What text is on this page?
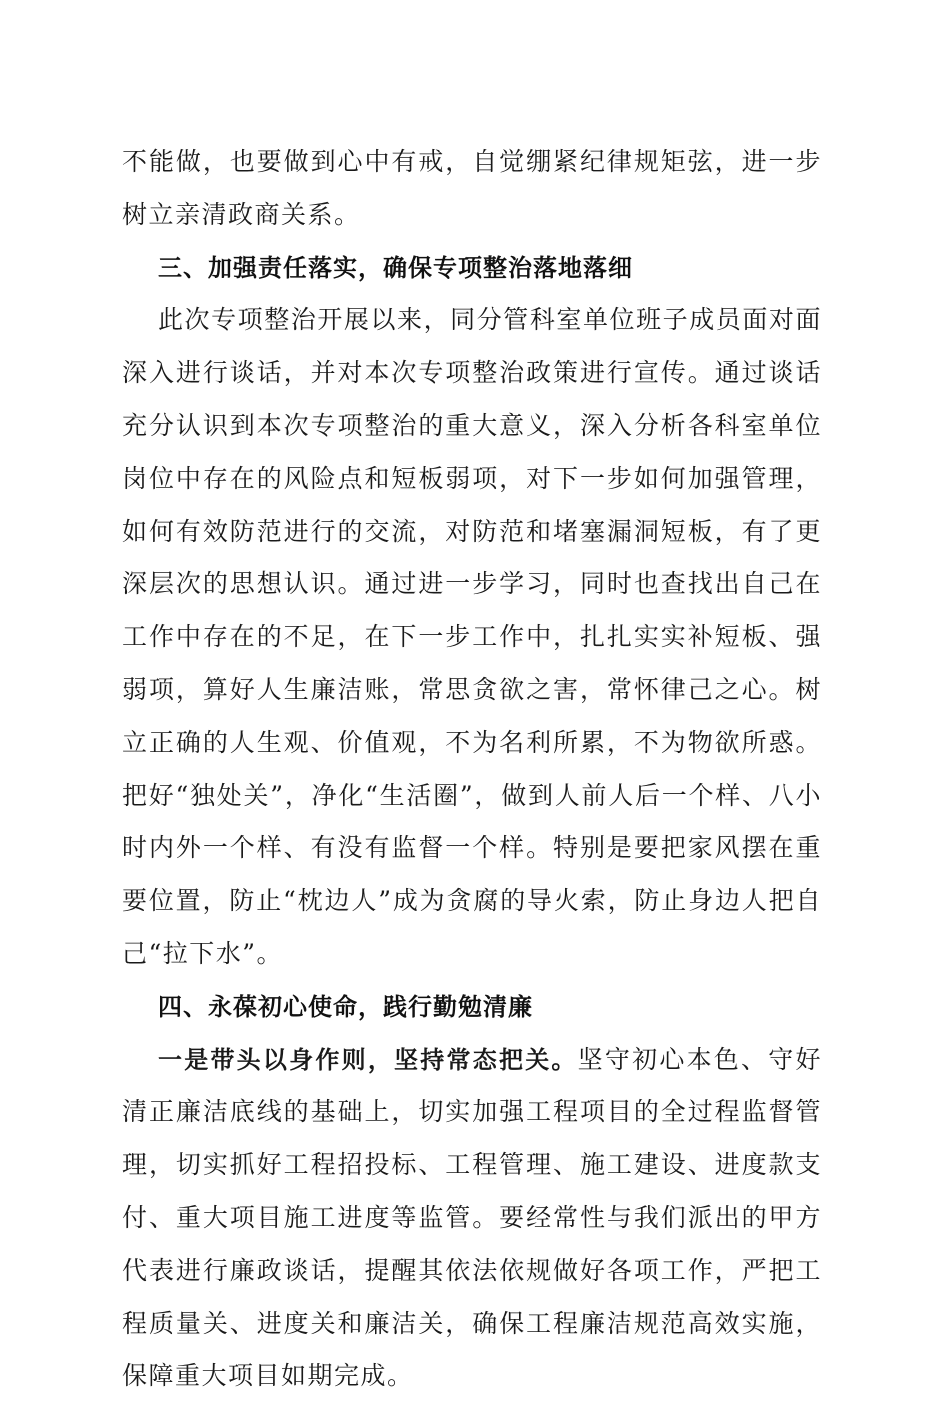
不能做，也要做到心中有戒，自觉绷紧纪律规矩弦，进一步树立亲清政商关系。

三、加强责任落实，确保专项整治落地落细

此次专项整治开展以来，同分管科室单位班子成员面对面深入进行谈话，并对本次专项整治政策进行宣传。通过谈话充分认识到本次专项整治的重大意义，深入分析各科室单位岗位中存在的风险点和短板弱项，对下一步如何加强管理，如何有效防范进行的交流，对防范和堵塞漏洞短板，有了更深层次的思想认识。通过进一步学习，同时也查找出自己在工作中存在的不足，在下一步工作中，扎扎实实补短板、强弱项，算好人生廉洁账，常思贪欲之害，常怀律己之心。树立正确的人生观、价值观，不为名利所累，不为物欲所惑。把好“独处关”，净化“生活圈”，做到人前人后一个样、八小时内外一个样、有没有监督一个样。特别是要把家风摆在重要位置，防止“枕边人”成为贪腐的导火索，防止身边人把自己“拉下水”。

四、永葆初心使命，践行勤勉清廉

一是带头以身作则，坚持常态把关。坚守初心本色、守好清正廉洁底线的基础上，切实加强工程项目的全过程监督管理，切实抓好工程招投标、工程管理、施工建设、进度款支付、重大项目施工进度等监管。要经常性与我们派出的甲方代表进行廉政谈话，提醒其依法依规做好各项工作，严把工程质量关、进度关和廉洁关，确保工程廉洁规范高效实施，保障重大项目如期完成。
